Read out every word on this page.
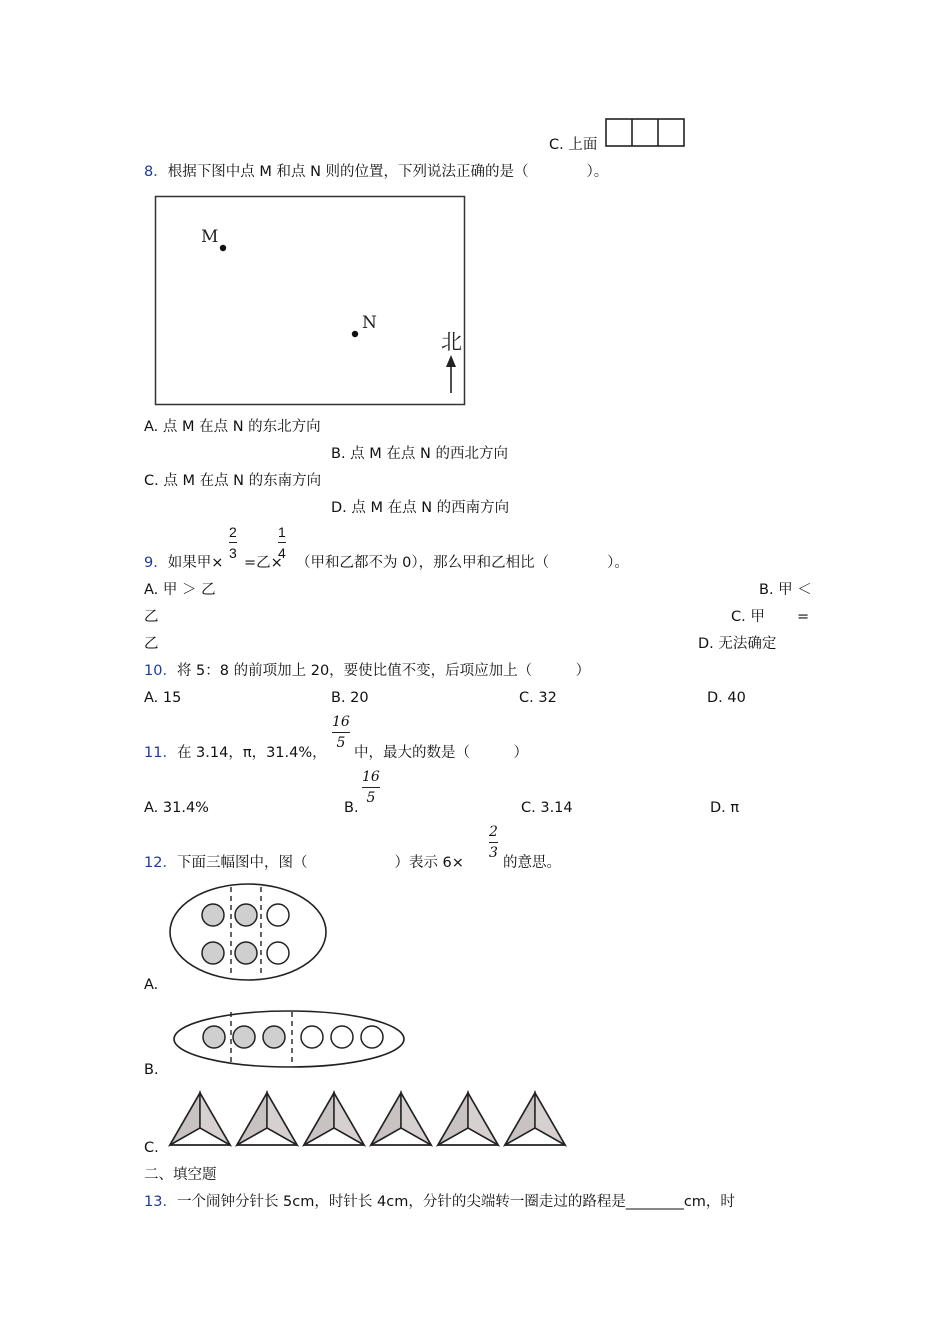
C. 上面
8．根据下图中点 M 和点 N 则的位置，下列说法正确的是（　　　　）。
M
N
北
A. 点 M 在点 N 的东北方向
B. 点 M 在点 N 的西北方向
C. 点 M 在点 N 的东南方向
D. 点 M 在点 N 的西南方向
9．如果甲×
2
3
=乙×
1
4
（甲和乙都不为 0），那么甲和乙相比（　　　　）。
A. 甲 ＞ 乙	B. 甲 ＜
乙	C. 甲 =
乙	D. 无法确定
10．将 5：8 的前项加上 20，要使比值不变，后项应加上（　　　）
A. 15	B. 20	C. 32	D. 40
11．在 3.14，π，31.4%，
16
5
中，最大的数是（　　　）
A. 31.4%	B.
16
5
C. 3.14	D. π
12．下面三幅图中，图（　　　　　　）表示 6×
2
3
的意思。
A.
B.
C.
二、填空题
13．一个闹钟分针长 5cm，时针长 4cm，分针的尖端转一圈走过的路程是________cm，时
